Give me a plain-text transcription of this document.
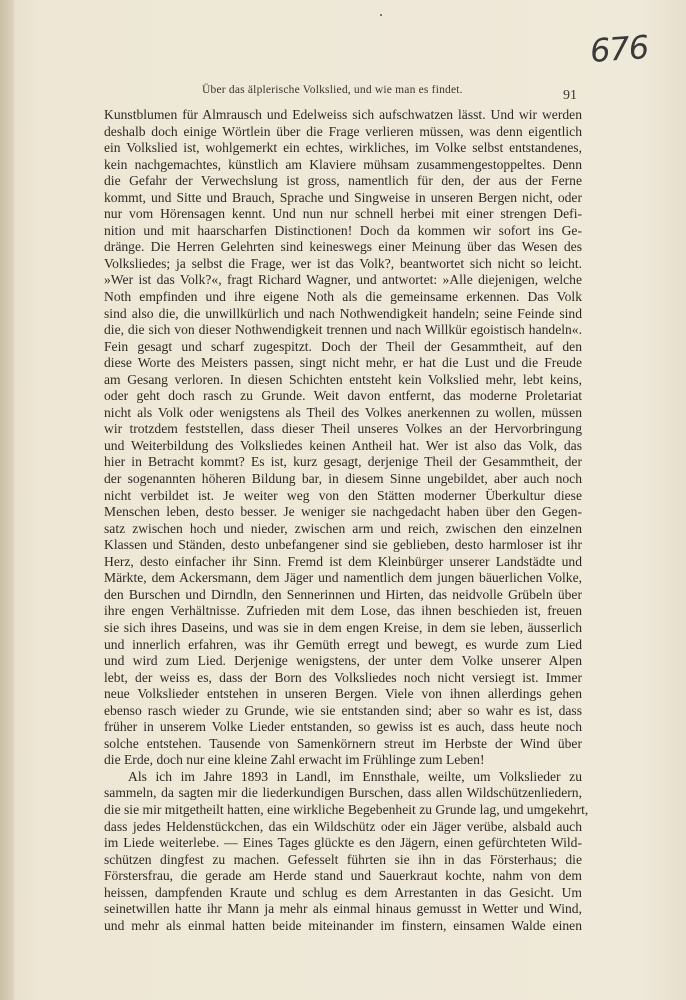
676
Über das älplerische Volkslied, und wie man es findet.	91
Kunstblumen für Almrausch und Edelweiss sich aufschwatzen lässt. Und wir werden
deshalb doch einige Wörtlein über die Frage verlieren müssen, was denn eigentlich
ein Volkslied ist, wohlgemerkt ein echtes, wirkliches, im Volke selbst entstandenes,
kein nachgemachtes, künstlich am Klaviere mühsam zusammengestoppeltes. Denn
die Gefahr der Verwechslung ist gross, namentlich für den, der aus der Ferne
kommt, und Sitte und Brauch, Sprache und Singweise in unseren Bergen nicht, oder
nur vom Hörensagen kennt. Und nun nur schnell herbei mit einer strengen Defi-
nition und mit haarscharfen Distinctionen! Doch da kommen wir sofort ins Ge-
dränge. Die Herren Gelehrten sind keineswegs einer Meinung über das Wesen des
Volksliedes; ja selbst die Frage, wer ist das Volk?, beantwortet sich nicht so leicht.
»Wer ist das Volk?«, fragt Richard Wagner, und antwortet: »Alle diejenigen, welche
Noth empfinden und ihre eigene Noth als die gemeinsame erkennen. Das Volk
sind also die, die unwillkürlich und nach Nothwendigkeit handeln; seine Feinde sind
die, die sich von dieser Nothwendigkeit trennen und nach Willkür egoistisch handeln«.
Fein gesagt und scharf zugespitzt. Doch der Theil der Gesammtheit, auf den
diese Worte des Meisters passen, singt nicht mehr, er hat die Lust und die Freude
am Gesang verloren. In diesen Schichten entsteht kein Volkslied mehr, lebt keins,
oder geht doch rasch zu Grunde. Weit davon entfernt, das moderne Proletariat
nicht als Volk oder wenigstens als Theil des Volkes anerkennen zu wollen, müssen
wir trotzdem feststellen, dass dieser Theil unseres Volkes an der Hervorbringung
und Weiterbildung des Volksliedes keinen Antheil hat. Wer ist also das Volk, das
hier in Betracht kommt? Es ist, kurz gesagt, derjenige Theil der Gesammtheit, der
der sogenannten höheren Bildung bar, in diesem Sinne ungebildet, aber auch noch
nicht verbildet ist. Je weiter weg von den Stätten moderner Überkultur diese
Menschen leben, desto besser. Je weniger sie nachgedacht haben über den Gegen-
satz zwischen hoch und nieder, zwischen arm und reich, zwischen den einzelnen
Klassen und Ständen, desto unbefangener sind sie geblieben, desto harmloser ist ihr
Herz, desto einfacher ihr Sinn. Fremd ist dem Kleinbürger unserer Landstädte und
Märkte, dem Ackersmann, dem Jäger und namentlich dem jungen bäuerlichen Volke,
den Burschen und Dirndln, den Sennerinnen und Hirten, das neidvolle Grübeln über
ihre engen Verhältnisse. Zufrieden mit dem Lose, das ihnen beschieden ist, freuen
sie sich ihres Daseins, und was sie in dem engen Kreise, in dem sie leben, äusserlich
und innerlich erfahren, was ihr Gemüth erregt und bewegt, es wurde zum Lied
und wird zum Lied. Derjenige wenigstens, der unter dem Volke unserer Alpen
lebt, der weiss es, dass der Born des Volksliedes noch nicht versiegt ist. Immer
neue Volkslieder entstehen in unseren Bergen. Viele von ihnen allerdings gehen
ebenso rasch wieder zu Grunde, wie sie entstanden sind; aber so wahr es ist, dass
früher in unserem Volke Lieder entstanden, so gewiss ist es auch, dass heute noch
solche entstehen. Tausende von Samenkörnern streut im Herbste der Wind über
die Erde, doch nur eine kleine Zahl erwacht im Frühlinge zum Leben!
Als ich im Jahre 1893 in Landl, im Ennsthale, weilte, um Volkslieder zu
sammeln, da sagten mir die liederkundigen Burschen, dass allen Wildschützenliedern,
die sie mir mitgetheilt hatten, eine wirkliche Begebenheit zu Grunde lag, und umgekehrt,
dass jedes Heldenstückchen, das ein Wildschütz oder ein Jäger verübe, alsbald auch
im Liede weiterlebe. — Eines Tages glückte es den Jägern, einen gefürchteten Wild-
schützen dingfest zu machen. Gefesselt führten sie ihn in das Försterhaus; die
Förstersfrau, die gerade am Herde stand und Sauerkraut kochte, nahm von dem
heissen, dampfenden Kraute und schlug es dem Arrestanten in das Gesicht. Um
seinetwillen hatte ihr Mann ja mehr als einmal hinaus gemusst in Wetter und Wind,
und mehr als einmal hatten beide miteinander im finstern, einsamen Walde einen
